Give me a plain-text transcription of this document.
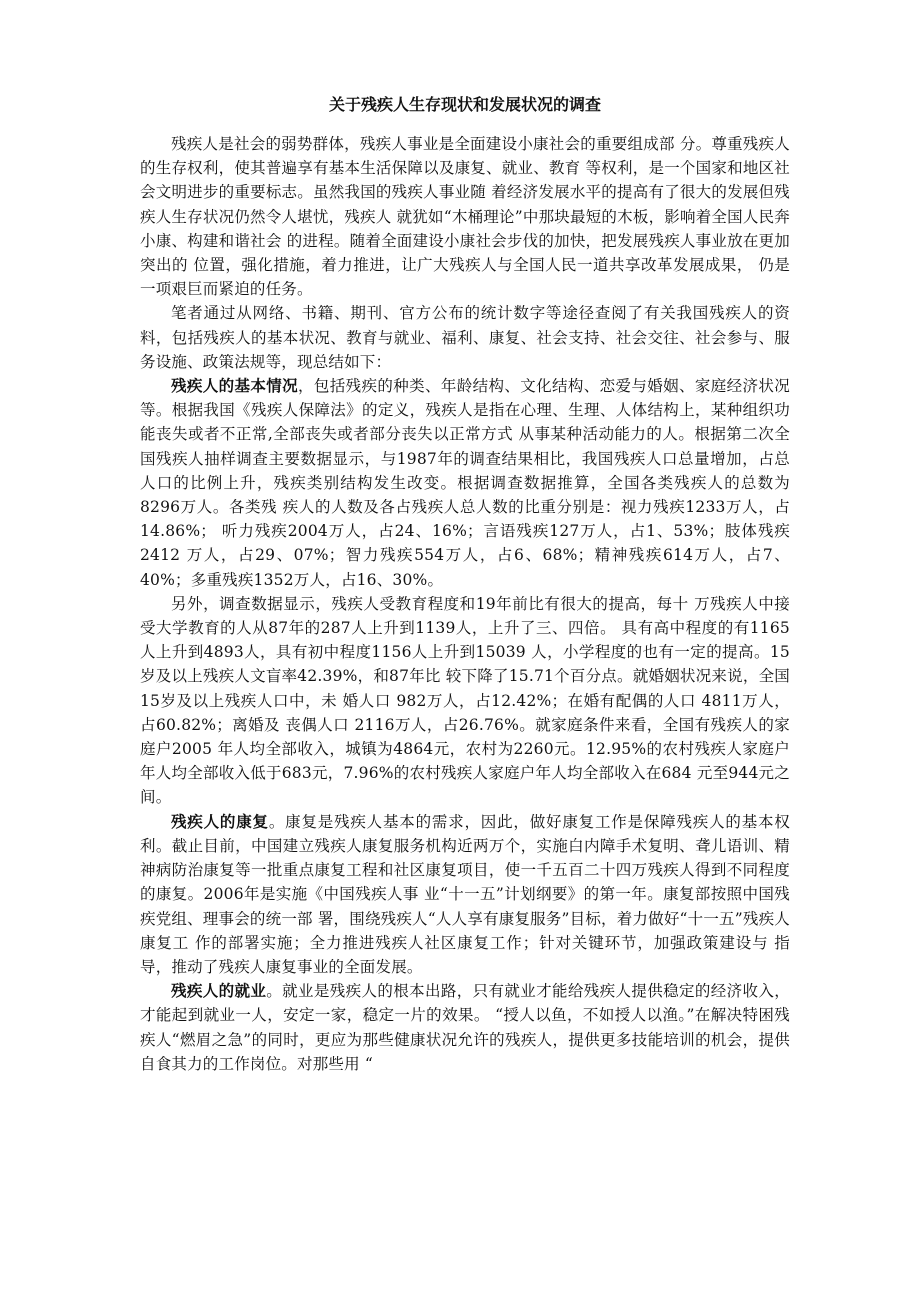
关于残疾人生存现状和发展状况的调查

残疾人是社会的弱势群体，残疾人事业是全面建设小康社会的重要组成部 分。尊重残疾人的生存权利，使其普遍享有基本生活保障以及康复、就业、教育 等权利，是一个国家和地区社会文明进步的重要标志。虽然我国的残疾人事业随 着经济发展水平的提高有了很大的发展但残疾人生存状况仍然令人堪忧，残疾人 就犹如“木桶理论”中那块最短的木板，影响着全国人民奔小康、构建和谐社会 的进程。随着全面建设小康社会步伐的加快，把发展残疾人事业放在更加突出的 位置，强化措施，着力推进，让广大残疾人与全国人民一道共享改革发展成果， 仍是一项艰巨而紧迫的任务。

笔者通过从网络、书籍、期刊、官方公布的统计数字等途径查阅了有关我国残疾人的资料，包括残疾人的基本状况、教育与就业、福利、康复、社会支持、社会交往、社会参与、服务设施、政策法规等，现总结如下：

残疾人的基本情况，包括残疾的种类、年龄结构、文化结构、恋爱与婚姻、家庭经济状况等。根据我国《残疾人保障法》的定义，残疾人是指在心理、生理、人体结构上，某种组织功能丧失或者不正常,全部丧失或者部分丧失以正常方式 从事某种活动能力的人。根据第二次全国残疾人抽样调查主要数据显示，与1987年的调查结果相比，我国残疾人口总量增加，占总人口的比例上升，残疾类别结构发生改变。根据调查数据推算，全国各类残疾人的总数为8296万人。各类残 疾人的人数及各占残疾人总人数的比重分别是：视力残疾1233万人，占14.86%； 听力残疾2004万人，占24、16%；言语残疾127万人，占1、53%；肢体残疾2412 万人，占29、07%；智力残疾554万人，占6、68%；精神残疾614万人，占7、 40%；多重残疾1352万人，占16、30%。

另外，调查数据显示，残疾人受教育程度和19年前比有很大的提高，每十 万残疾人中接受大学教育的人从87年的287人上升到1139人，上升了三、四倍。 具有高中程度的有1165人上升到4893人，具有初中程度1156人上升到15039 人，小学程度的也有一定的提高。15岁及以上残疾人文盲率42.39%，和87年比 较下降了15.71个百分点。就婚姻状况来说，全国15岁及以上残疾人口中，未 婚人口 982万人，占12.42%；在婚有配偶的人口 4811万人，占60.82%；离婚及 丧偶人口 2116万人，占26.76%。就家庭条件来看，全国有残疾人的家庭户2005 年人均全部收入，城镇为4864元，农村为2260元。12.95%的农村残疾人家庭户 年人均全部收入低于683元，7.96%的农村残疾人家庭户年人均全部收入在684 元至944元之间。

残疾人的康复。康复是残疾人基本的需求，因此，做好康复工作是保障残疾人的基本权利。截止目前，中国建立残疾人康复服务机构近两万个，实施白内障手术复明、聋儿语训、精神病防治康复等一批重点康复工程和社区康复项目，使一千五百二十四万残疾人得到不同程度的康复。2006年是实施《中国残疾人事 业“十一五”计划纲要》的第一年。康复部按照中国残疾党组、理事会的统一部 署，围绕残疾人“人人享有康复服务”目标，着力做好“十一五”残疾人康复工 作的部署实施；全力推进残疾人社区康复工作；针对关键环节，加强政策建设与 指导，推动了残疾人康复事业的全面发展。

残疾人的就业。就业是残疾人的根本出路，只有就业才能给残疾人提供稳定的经济收入，才能起到就业一人，安定一家，稳定一片的效果。 “授人以鱼，不如授人以渔。”在解决特困残疾人“燃眉之急”的同时，更应为那些健康状况允许的残疾人，提供更多技能培训的机会，提供自食其力的工作岗位。对那些用 “
